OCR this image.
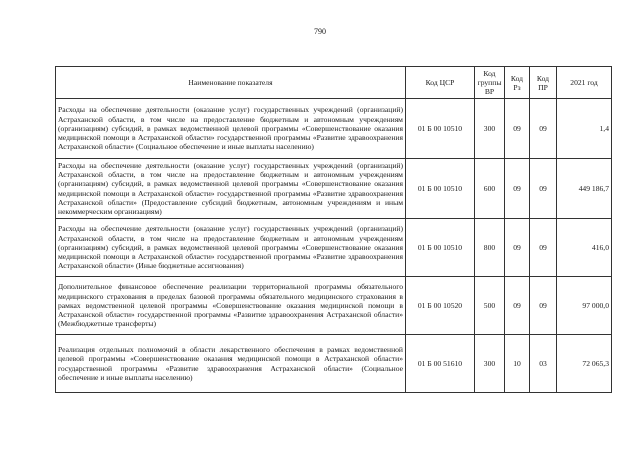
790
Наименование показателя	Код ЦСР	Код группы ВР	Код Рз	Код ПР	2021 год
Расходы на обеспечение деятельности (оказание услуг) государственных учреждений (организаций) Астраханской области, в том числе на предоставление бюджетным и автономным учреждениям (организациям) субсидий, в рамках ведомственной целевой программы «Совершенствование оказания медицинской помощи в Астраханской области» государственной программы «Развитие здравоохранения Астраханской области» (Социальное обеспечение и иные выплаты населению)	01 Б 00 10510	300	09	09	1,4
Расходы на обеспечение деятельности (оказание услуг) государственных учреждений (организаций) Астраханской области, в том числе на предоставление бюджетным и автономным учреждениям (организациям) субсидий, в рамках ведомственной целевой программы «Совершенствование оказания медицинской помощи в Астраханской области» государственной программы «Развитие здравоохранения Астраханской области» (Предоставление субсидий бюджетным, автономным учреждениям и иным некоммерческим организациям)	01 Б 00 10510	600	09	09	449 186,7
Расходы на обеспечение деятельности (оказание услуг) государственных учреждений (организаций) Астраханской области, в том числе на предоставление бюджетным и автономным учреждениям (организациям) субсидий, в рамках ведомственной целевой программы «Совершенствование оказания медицинской помощи в Астраханской области» государственной программы «Развитие здравоохранения Астраханской области» (Иные бюджетные ассигнования)	01 Б 00 10510	800	09	09	416,0
Дополнительное финансовое обеспечение реализации территориальной программы обязательного медицинского страхования в пределах базовой программы обязательного медицинского страхования в рамках ведомственной целевой программы «Совершенствование оказания медицинской помощи в Астраханской области» государственной программы «Развитие здравоохранения Астраханской области» (Межбюджетные трансферты)	01 Б 00 10520	500	09	09	97 000,0
Реализация отдельных полномочий в области лекарственного обеспечения в рамках ведомственной целевой программы «Совершенствование оказания медицинской помощи в Астраханской области» государственной программы «Развитие здравоохранения Астраханской области» (Социальное обеспечение и иные выплаты населению)	01 Б 00 51610	300	10	03	72 065,3
